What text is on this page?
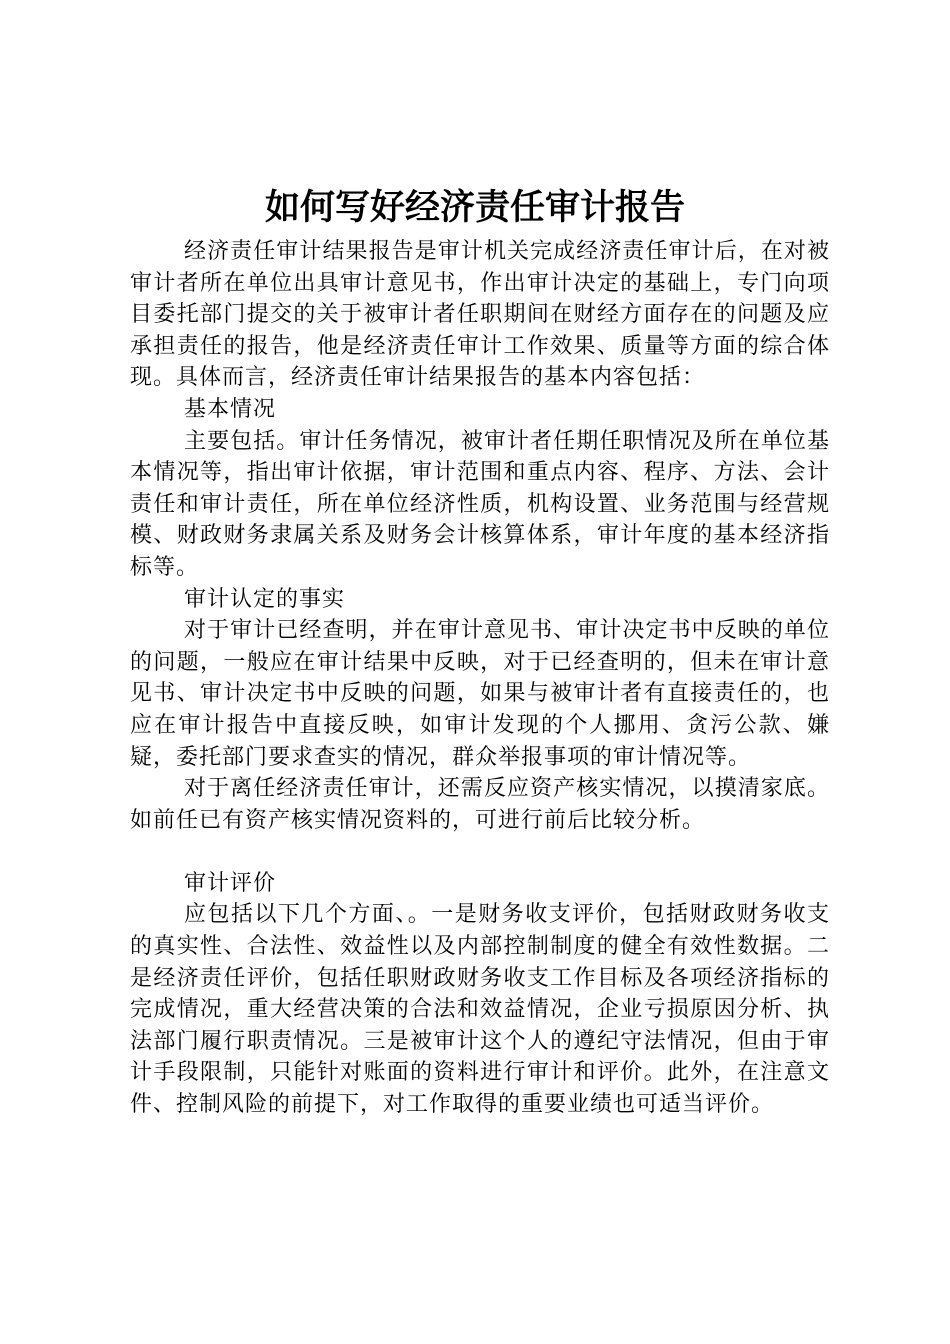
如何写好经济责任审计报告

经济责任审计结果报告是审计机关完成经济责任审计后，在对被审计者所在单位出具审计意见书，作出审计决定的基础上，专门向项目委托部门提交的关于被审计者任职期间在财经方面存在的问题及应承担责任的报告，他是经济责任审计工作效果、质量等方面的综合体现。具体而言，经济责任审计结果报告的基本内容包括：

基本情况

主要包括。审计任务情况，被审计者任期任职情况及所在单位基本情况等，指出审计依据，审计范围和重点内容、程序、方法、会计责任和审计责任，所在单位经济性质，机构设置、业务范围与经营规模、财政财务隶属关系及财务会计核算体系，审计年度的基本经济指标等。

审计认定的事实

对于审计已经查明，并在审计意见书、审计决定书中反映的单位的问题，一般应在审计结果中反映，对于已经查明的，但未在审计意见书、审计决定书中反映的问题，如果与被审计者有直接责任的，也应在审计报告中直接反映，如审计发现的个人挪用、贪污公款、嫌疑，委托部门要求查实的情况，群众举报事项的审计情况等。

对于离任经济责任审计，还需反应资产核实情况，以摸清家底。如前任已有资产核实情况资料的，可进行前后比较分析。

审计评价

应包括以下几个方面、。一是财务收支评价，包括财政财务收支的真实性、合法性、效益性以及内部控制制度的健全有效性数据。二是经济责任评价，包括任职财政财务收支工作目标及各项经济指标的完成情况，重大经营决策的合法和效益情况，企业亏损原因分析、执法部门履行职责情况。三是被审计这个人的遵纪守法情况，但由于审计手段限制，只能针对账面的资料进行审计和评价。此外，在注意文件、控制风险的前提下，对工作取得的重要业绩也可适当评价。
